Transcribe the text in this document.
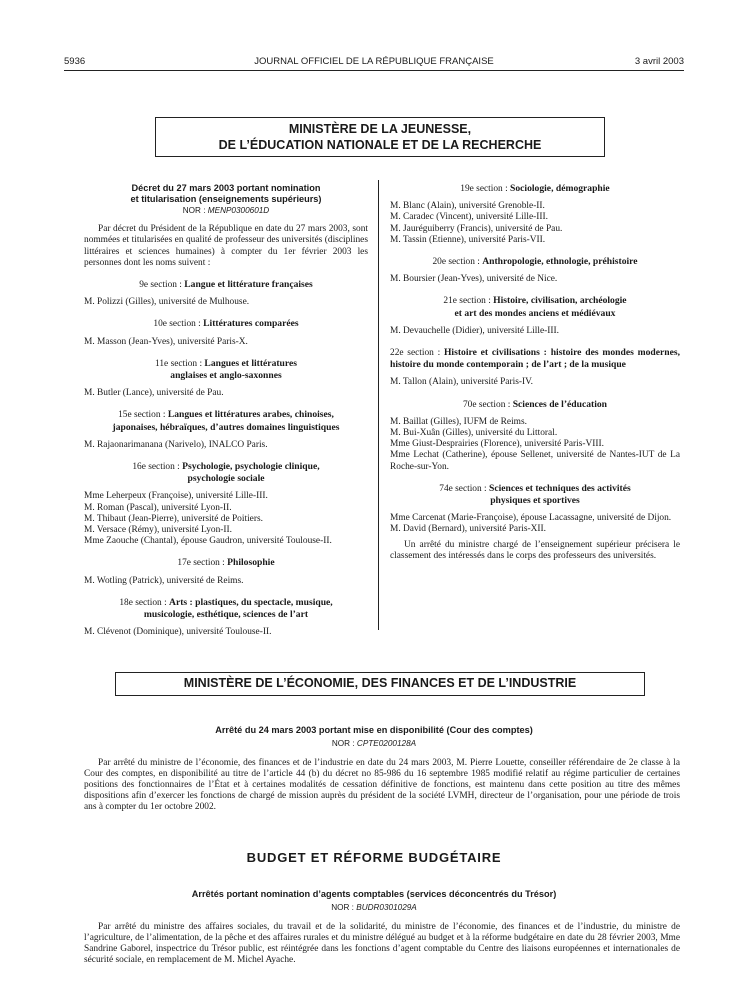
5936	JOURNAL OFFICIEL DE LA RÉPUBLIQUE FRANÇAISE	3 avril 2003
MINISTÈRE DE LA JEUNESSE,
DE L’ÉDUCATION NATIONALE ET DE LA RECHERCHE
Décret du 27 mars 2003 portant nomination
et titularisation (enseignements supérieurs)
NOR : MENP0300601D

Par décret du Président de la République en date du 27 mars 2003, sont nommées et titularisées en qualité de professeur des universités (disciplines littéraires et sciences humaines) à compter du 1er février 2003 les personnes dont les noms suivent :

9e section : Langue et littérature françaises

M. Polizzi (Gilles), université de Mulhouse.

10e section : Littératures comparées

M. Masson (Jean-Yves), université Paris-X.

11e section : Langues et littératures
anglaises et anglo-saxonnes

M. Butler (Lance), université de Pau.

15e section : Langues et littératures arabes, chinoises,
japonaises, hébraïques, d’autres domaines linguistiques

M. Rajaonarimanana (Narivelo), INALCO Paris.

16e section : Psychologie, psychologie clinique,
psychologie sociale

Mme Leherpeux (Françoise), université Lille-III.

M. Roman (Pascal), université Lyon-II.

M. Thibaut (Jean-Pierre), université de Poitiers.

M. Versace (Rémy), université Lyon-II.

Mme Zaouche (Chantal), épouse Gaudron, université Toulouse-II.

17e section : Philosophie

M. Wotling (Patrick), université de Reims.

18e section : Arts : plastiques, du spectacle, musique,
musicologie, esthétique, sciences de l’art

M. Clévenot (Dominique), université Toulouse-II.

19e section : Sociologie, démographie

M. Blanc (Alain), université Grenoble-II.

M. Caradec (Vincent), université Lille-III.

M. Jauréguiberry (Francis), université de Pau.

M. Tassin (Etienne), université Paris-VII.

20e section : Anthropologie, ethnologie, préhistoire

M. Boursier (Jean-Yves), université de Nice.

21e section : Histoire, civilisation, archéologie
et art des mondes anciens et médiévaux

M. Devauchelle (Didier), université Lille-III.

22e section : Histoire et civilisations : histoire des mondes modernes, histoire du monde contemporain ; de l’art ; de la musique

M. Tallon (Alain), université Paris-IV.

70e section : Sciences de l’éducation

M. Baillat (Gilles), IUFM de Reims.

M. Bui-Xuân (Gilles), université du Littoral.

Mme Giust-Desprairies (Florence), université Paris-VIII.

Mme Lechat (Catherine), épouse Sellenet, université de Nantes-IUT de La Roche-sur-Yon.

74e section : Sciences et techniques des activités
physiques et sportives

Mme Carcenat (Marie-Françoise), épouse Lacassagne, université de Dijon.

M. David (Bernard), université Paris-XII.

Un arrêté du ministre chargé de l’enseignement supérieur précisera le classement des intéressés dans le corps des professeurs des universités.

MINISTÈRE DE L’ÉCONOMIE, DES FINANCES ET DE L’INDUSTRIE
Arrêté du 24 mars 2003 portant mise en disponibilité (Cour des comptes)
NOR : CPTE0200128A
Par arrêté du ministre de l’économie, des finances et de l’industrie en date du 24 mars 2003, M. Pierre Louette, conseiller référendaire de 2e classe à la Cour des comptes, en disponibilité au titre de l’article 44 (b) du décret no 85-986 du 16 septembre 1985 modifié relatif au régime particulier de certaines positions des fonctionnaires de l’État et à certaines modalités de cessation définitive de fonctions, est maintenu dans cette position au titre des mêmes dispositions afin d’exercer les fonctions de chargé de mission auprès du président de la société LVMH, directeur de l’organisation, pour une période de trois ans à compter du 1er octobre 2002.
BUDGET ET RÉFORME BUDGÉTAIRE
Arrêtés portant nomination d’agents comptables (services déconcentrés du Trésor)
NOR : BUDR0301029A
Par arrêté du ministre des affaires sociales, du travail et de la solidarité, du ministre de l’économie, des finances et de l’industrie, du ministre de l’agriculture, de l’alimentation, de la pêche et des affaires rurales et du ministre délégué au budget et à la réforme budgétaire en date du 28 février 2003, Mme Sandrine Gaborel, inspectrice du Trésor public, est réintégrée dans les fonctions d’agent comptable du Centre des liaisons européennes et internationales de sécurité sociale, en remplacement de M. Michel Ayache.
